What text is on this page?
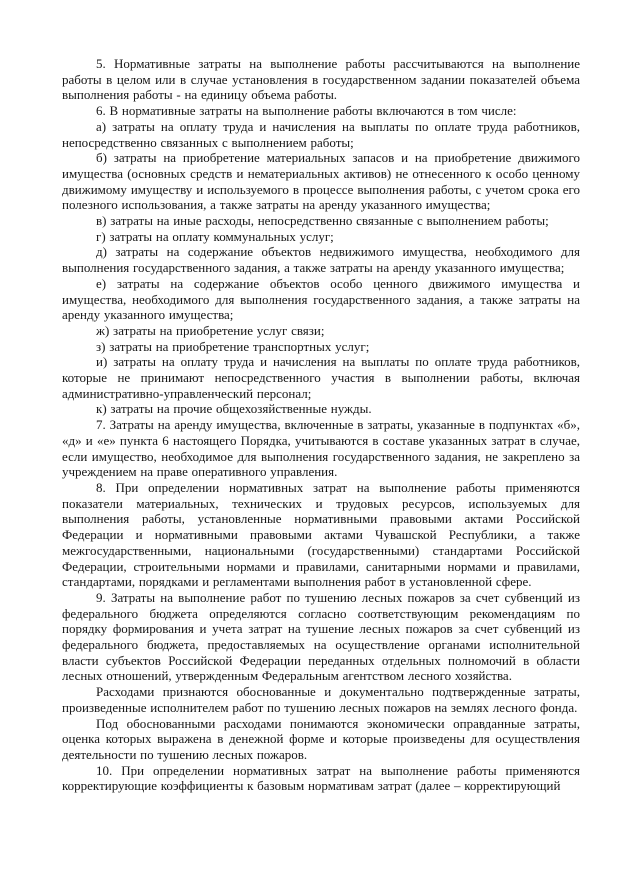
5. Нормативные затраты на выполнение работы рассчитываются на выполнение работы в целом или в случае установления в государственном задании показателей объема выполнения работы - на единицу объема работы.

6. В нормативные затраты на выполнение работы включаются в том числе:

а) затраты на оплату труда и начисления на выплаты по оплате труда работников, непосредственно связанных с выполнением работы;

б) затраты на приобретение материальных запасов и на приобретение движимого имущества (основных средств и нематериальных активов) не отнесенного к особо ценному движимому имуществу и используемого в процессе выполнения работы, с учетом срока его полезного использования, а также затраты на аренду указанного имущества;

в) затраты на иные расходы, непосредственно связанные с выполнением работы;

г) затраты на оплату коммунальных услуг;

д) затраты на содержание объектов недвижимого имущества, необходимого для выполнения государственного задания, а также затраты на аренду указанного имущества;

е) затраты на содержание объектов особо ценного движимого имущества и имущества, необходимого для выполнения государственного задания, а также затраты на аренду указанного имущества;

ж) затраты на приобретение услуг связи;

з) затраты на приобретение транспортных услуг;

и) затраты на оплату труда и начисления на выплаты по оплате труда работников, которые не принимают непосредственного участия в выполнении работы, включая административно-управленческий персонал;

к) затраты на прочие общехозяйственные нужды.

7. Затраты на аренду имущества, включенные в затраты, указанные в подпунктах «б», «д» и «е» пункта 6 настоящего Порядка, учитываются в составе указанных затрат в случае, если имущество, необходимое для выполнения государственного задания, не закреплено за учреждением на праве оперативного управления.

8. При определении нормативных затрат на выполнение работы применяются показатели материальных, технических и трудовых ресурсов, используемых для выполнения работы, установленные нормативными правовыми актами Российской Федерации и нормативными правовыми актами Чувашской Республики, а также межгосударственными, национальными (государственными) стандартами Российской Федерации, строительными нормами и правилами, санитарными нормами и правилами, стандартами, порядками и регламентами выполнения работ в установленной сфере.

9. Затраты на выполнение работ по тушению лесных пожаров за счет субвенций из федерального бюджета определяются согласно соответствующим рекомендациям по порядку формирования и учета затрат на тушение лесных пожаров за счет субвенций из федерального бюджета, предоставляемых на осуществление органами исполнительной власти субъектов Российской Федерации переданных отдельных полномочий в области лесных отношений, утвержденным Федеральным агентством лесного хозяйства.

Расходами признаются обоснованные и документально подтвержденные затраты, произведенные исполнителем работ по тушению лесных пожаров на землях лесного фонда.

Под обоснованными расходами понимаются экономически оправданные затраты, оценка которых выражена в денежной форме и которые произведены для осуществления деятельности по тушению лесных пожаров.

10. При определении нормативных затрат на выполнение работы применяются корректирующие коэффициенты к базовым нормативам затрат (далее – корректирующий
